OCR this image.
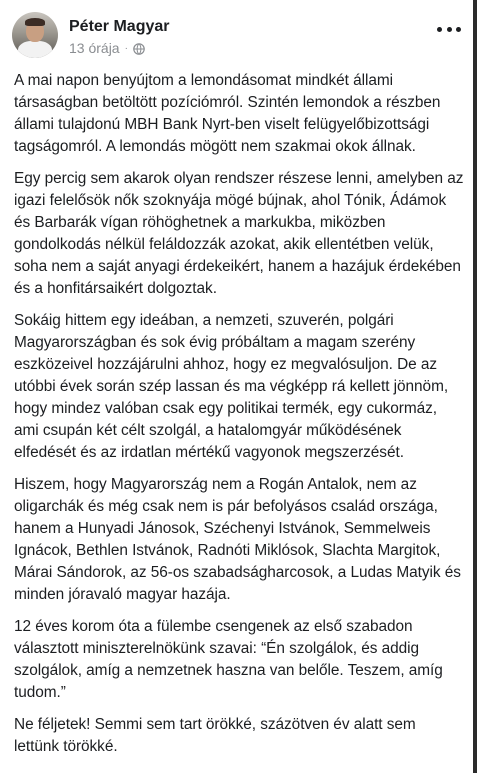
Péter Magyar
13 órája ·

A mai napon benyújtom a lemondásomat mindkét állami társaságban betöltött pozíciómról. Szintén lemondok a részben állami tulajdonú MBH Bank Nyrt-ben viselt felügyelőbizottsági tagságomról. A lemondás mögött nem szakmai okok állnak.

Egy percig sem akarok olyan rendszer részese lenni, amelyben az igazi felelősök nők szoknyája mögé bújnak, ahol Tónik, Ádámok és Barbarák vígan röhöghetnek a markukba, miközben gondolkodás nélkül feláldozzák azokat, akik ellentétben velük, soha nem a saját anyagi érdekeikért, hanem a hazájuk érdekében és a honfitársaikért dolgoztak.

Sokáig hittem egy ideában, a nemzeti, szuverén, polgári Magyarországban és sok évig próbáltam a magam szerény eszközeivel hozzájárulni ahhoz, hogy ez megvalósuljon. De az utóbbi évek során szép lassan és ma végképp rá kellett jönnöm, hogy mindez valóban csak egy politikai termék, egy cukormáz, ami csupán két célt szolgál, a hatalomgyár működésének elfedését és az irdatlan mértékű vagyonok megszerzését.

Hiszem, hogy Magyarország nem a Rogán Antalok, nem az oligarchák és még csak nem is pár befolyásos család országa, hanem a Hunyadi Jánosok, Széchenyi Istvánok, Semmelweis Ignácok, Bethlen Istvánok, Radnóti Miklósok, Slachta Margitok, Márai Sándorok, az 56-os szabadságharcosok, a Ludas Matyik és minden jóravaló magyar hazája.

12 éves korom óta a fülembe csengenek az első szabadon választott miniszterelnökünk szavai: “Én szolgálok, és addig szolgálok, amíg a nemzetnek haszna van belőle. Teszem, amíg tudom.”

Ne féljetek! Semmi sem tart örökké, százötven év alatt sem lettünk törökké.
